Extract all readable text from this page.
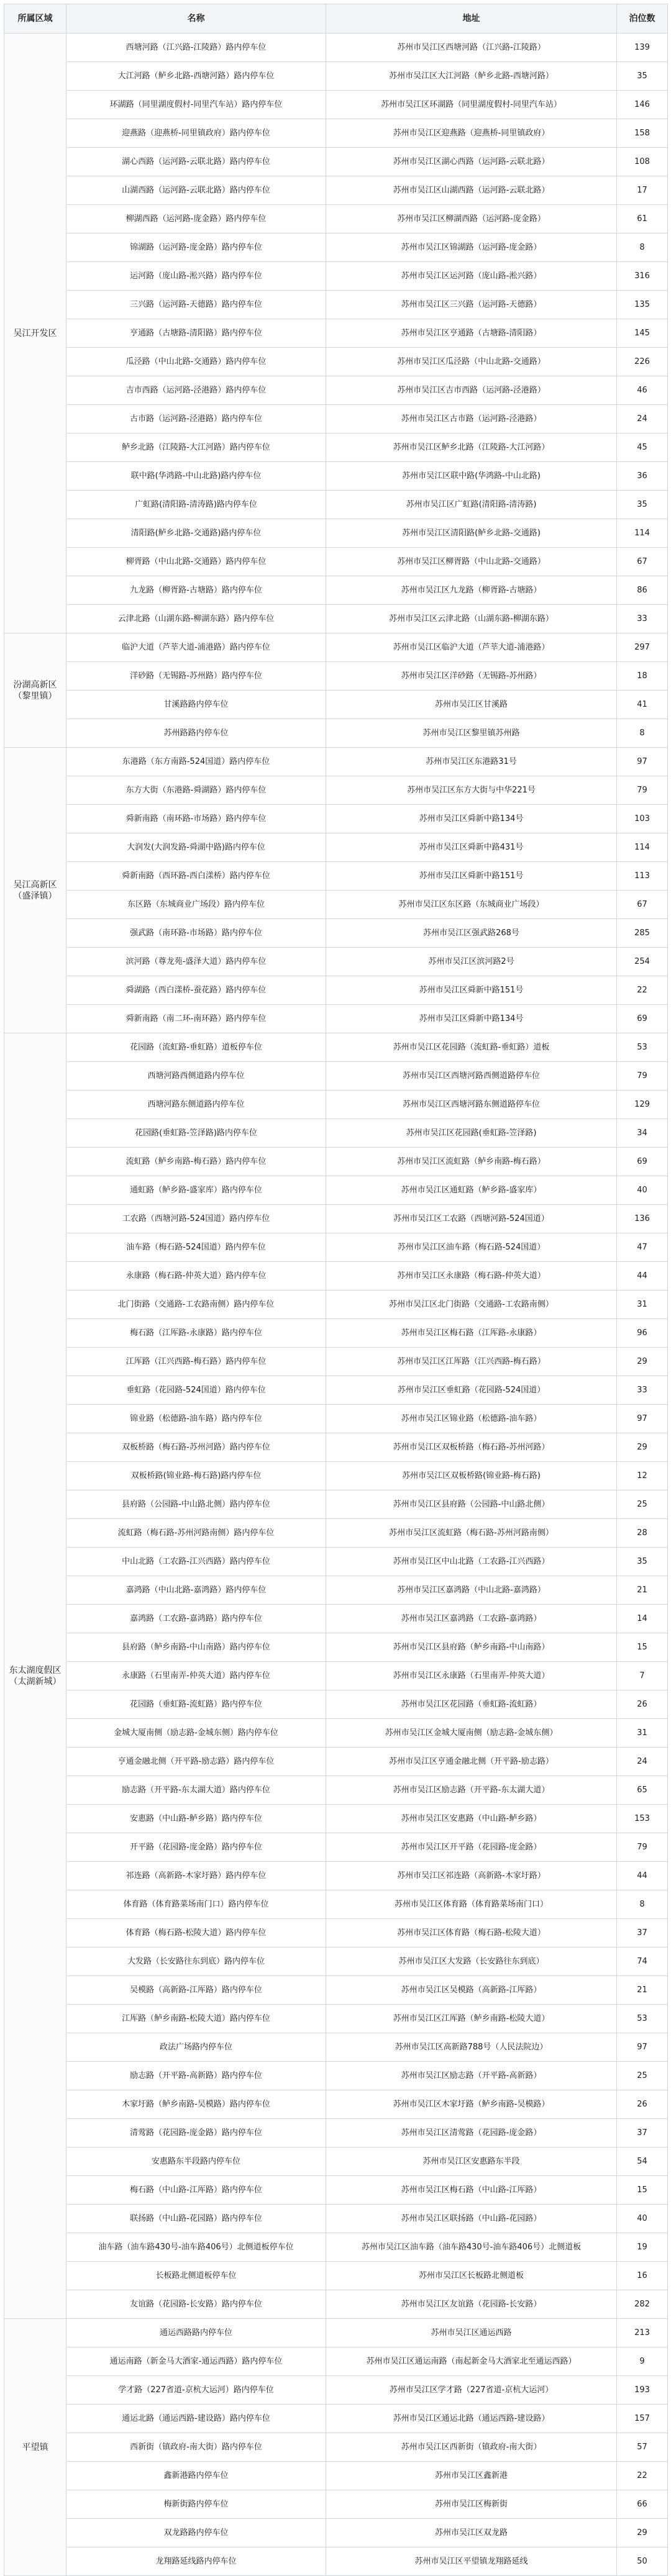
所属区域	名称	地址	泊位数
吴江开发区	西塘河路（江兴路-江陵路）路内停车位	苏州市吴江区西塘河路（江兴路-江陵路）	139
	大江河路（鲈乡北路-西塘河路）路内停车位	苏州市吴江区大江河路（鲈乡北路-西塘河路）	35
	环湖路（同里湖度假村-同里汽车站）路内停车位	苏州市吴江区环湖路（同里湖度假村-同里汽车站）	146
	迎燕路（迎燕桥-同里镇政府）路内停车位	苏州市吴江区迎燕路（迎燕桥-同里镇政府）	158
	湖心西路（运河路-云联北路）路内停车位	苏州市吴江区湖心西路（运河路-云联北路）	108
	山湖西路（运河路-云联北路）路内停车位	苏州市吴江区山湖西路（运河路-云联北路）	17
	柳湖西路（运河路-庞金路）路内停车位	苏州市吴江区柳湖西路（运河路-庞金路）	61
	锦湖路（运河路-庞金路）路内停车位	苏州市吴江区锦湖路（运河路-庞金路）	8
	运河路（庞山路-淞兴路）路内停车位	苏州市吴江区运河路（庞山路-淞兴路）	316
	三兴路（运河路-天德路）路内停车位	苏州市吴江区三兴路（运河路-天德路）	135
	亨通路（古塘路-清阳路）路内停车位	苏州市吴江区亨通路（古塘路-清阳路）	145
	瓜泾路（中山北路-交通路）路内停车位	苏州市吴江区瓜泾路（中山北路-交通路）	226
	吉市西路（运河路-泾港路）路内停车位	苏州市吴江区吉市西路（运河路-泾港路）	46
	古市路（运河路-泾港路）路内停车位	苏州市吴江区古市路（运河路-泾港路）	24
	鲈乡北路（江陵路-大江河路）路内停车位	苏州市吴江区鲈乡北路（江陵路-大江河路）	45
	联中路(华鸿路-中山北路)路内停车位	苏州市吴江区联中路(华鸿路-中山北路)	36
	广虹路(清阳路-清涛路)路内停车位	苏州市吴江区广虹路(清阳路-清涛路)	35
	清阳路(鲈乡北路-交通路)路内停车位	苏州市吴江区清阳路(鲈乡北路-交通路)	114
	柳胥路（中山北路-交通路）路内停车位	苏州市吴江区柳胥路（中山北路-交通路）	67
	九龙路（柳胥路-古塘路）路内停车位	苏州市吴江区九龙路（柳胥路-古塘路）	86
	云津北路（山湖东路-柳湖东路）路内停车位	苏州市吴江区云津北路（山湖东路-柳湖东路）	33
汾湖高新区（黎里镇）	临沪大道（芦莘大道-浦港路）路内停车位	苏州市吴江区临沪大道（芦莘大道-浦港路）	297
	洋砂路（无锡路-苏州路）路内停车位	苏州市吴江区洋砂路（无锡路-苏州路）	18
	甘溪路路内停车位	苏州市吴江区甘溪路	41
	苏州路路内停车位	苏州市吴江区黎里镇苏州路	8
吴江高新区（盛泽镇）	东港路（东方南路-524国道）路内停车位	苏州市吴江区东港路31号	97
	东方大街（东港路-舜湖路）路内停车位	苏州市吴江区东方大街与中华221号	79
	舜新南路（南环路-市场路）路内停车位	苏州市吴江区舜新中路134号	103
	大润发(大润发路-舜湖中路)路内停车位	苏州市吴江区舜新中路431号	114
	舜新南路（西环路-西白漾桥）路内停车位	苏州市吴江区舜新中路151号	113
	东区路（东城商业广场段）路内停车位	苏州市吴江区东区路（东城商业广场段）	67
	强武路（南环路-市场路）路内停车位	苏州市吴江区强武路268号	285
	滨河路（尊龙苑-盛泽大道）路内停车位	苏州市吴江区滨河路2号	254
	舜湖路（西白漾桥-蚕花路）路内停车位	苏州市吴江区舜新中路151号	22
	舜新南路（南二环-南环路）路内停车位	苏州市吴江区舜新中路134号	69
东太湖度假区（太湖新城）	花园路（流虹路-垂虹路）道板停车位	苏州市吴江区花园路（流虹路-垂虹路）道板	53
	西塘河路西侧道路内停车位	苏州市吴江区西塘河路西侧道路停车位	79
	西塘河路东侧道路内停车位	苏州市吴江区西塘河路东侧道路停车位	129
	花园路(垂虹路-笠泽路)路内停车位	苏州市吴江区花园路(垂虹路-笠泽路)	34
	流虹路（鲈乡南路-梅石路）路内停车位	苏州市吴江区流虹路（鲈乡南路-梅石路）	69
	通虹路（鲈乡路-盛家库）路内停车位	苏州市吴江区通虹路（鲈乡路-盛家库）	40
	工农路（西塘河路-524国道）路内停车位	苏州市吴江区工农路（西塘河路-524国道）	136
	油车路（梅石路-524国道）路内停车位	苏州市吴江区油车路（梅石路-524国道）	47
	永康路（梅石路-仲英大道）路内停车位	苏州市吴江区永康路（梅石路-仲英大道）	44
	北门街路（交通路-工农路南侧）路内停车位	苏州市吴江区北门街路（交通路-工农路南侧）	31
	梅石路（江厍路-永康路）路内停车位	苏州市吴江区梅石路（江厍路-永康路）	96
	江厍路（江兴西路-梅石路）路内停车位	苏州市吴江区江厍路（江兴西路-梅石路）	29
	垂虹路（花园路-524国道）路内停车位	苏州市吴江区垂虹路（花园路-524国道）	33
	锦业路（松德路-油车路）路内停车位	苏州市吴江区锦业路（松德路-油车路）	97
	双板桥路（梅石路-苏州河路）路内停车位	苏州市吴江区双板桥路（梅石路-苏州河路）	29
	双板桥路(锦业路-梅石路)路内停车位	苏州市吴江区双板桥路(锦业路-梅石路)	12
	县府路（公园路-中山路北侧）路内停车位	苏州市吴江区县府路（公园路-中山路北侧）	25
	流虹路（梅石路-苏州河路南侧）路内停车位	苏州市吴江区流虹路（梅石路-苏州河路南侧）	28
	中山北路（工农路-江兴西路）路内停车位	苏州市吴江区中山北路（工农路-江兴西路）	35
	嘉鸿路（中山北路-嘉鸿路）路内停车位	苏州市吴江区嘉鸿路（中山北路-嘉鸿路）	21
	嘉鸿路（工农路-嘉鸿路）路内停车位	苏州市吴江区嘉鸿路（工农路-嘉鸿路）	14
	县府路（鲈乡南路-中山南路）路内停车位	苏州市吴江区县府路（鲈乡南路-中山南路）	15
	永康路（石里南弄-仲英大道）路内停车位	苏州市吴江区永康路（石里南弄-仲英大道）	7
	花园路（垂虹路-流虹路）路内停车位	苏州市吴江区花园路（垂虹路-流虹路）	26
	金城大厦南侧（励志路-金城东侧）路内停车位	苏州市吴江区金城大厦南侧（励志路-金城东侧）	31
	亨通金融北侧（开平路-励志路）路内停车位	苏州市吴江区亨通金融北侧（开平路-励志路）	24
	励志路（开平路-东太湖大道）路内停车位	苏州市吴江区励志路（开平路-东太湖大道）	65
	安惠路（中山路-鲈乡路）路内停车位	苏州市吴江区安惠路（中山路-鲈乡路）	153
	开平路（花园路-庞金路）路内停车位	苏州市吴江区开平路（花园路-庞金路）	79
	祁连路（高新路-木家圩路）路内停车位	苏州市吴江区祁连路（高新路-木家圩路）	44
	体育路（体育路菜场南门口）路内停车位	苏州市吴江区体育路（体育路菜场南门口）	8
	体育路（梅石路-松陵大道）路内停车位	苏州市吴江区体育路（梅石路-松陵大道）	37
	大发路（长安路往东到底）路内停车位	苏州市吴江区大发路（长安路往东到底）	74
	吴模路（高新路-江厍路）路内停车位	苏州市吴江区吴模路（高新路-江厍路）	21
	江厍路（鲈乡南路-松陵大道）路内停车位	苏州市吴江区江厍路（鲈乡南路-松陵大道）	53
	政法广场路内停车位	苏州市吴江区高新路788号（人民法院边）	97
	励志路（开平路-高新路）路内停车位	苏州市吴江区励志路（开平路-高新路）	25
	木家圩路（鲈乡南路-吴模路）路内停车位	苏州市吴江区木家圩路（鲈乡南路-吴模路）	26
	清莺路（花园路-庞金路）路内停车位	苏州市吴江区清莺路（花园路-庞金路）	37
	安惠路东半段路内停车位	苏州市吴江区安惠路东半段	54
	梅石路（中山路-江厍路）路内停车位	苏州市吴江区梅石路（中山路-江厍路）	15
	联扬路（中山路-花园路）路内停车位	苏州市吴江区联扬路（中山路-花园路）	40
	油车路（油车路430号-油车路406号）北侧道板停车位	苏州市吴江区油车路（油车路430号-油车路406号）北侧道板	19
	长板路北侧道板停车位	苏州市吴江区长板路北侧道板	16
	友谊路（花园路-长安路）路内停车位	苏州市吴江区友谊路（花园路-长安路）	282
平望镇	通运西路路内停车位	苏州市吴江区通运西路	213
	通运南路（新金马大酒家-通运西路）路内停车位	苏州市吴江区通运南路（南起新金马大酒家北至通运西路）	9
	学才路（227省道-京杭大运河）路内停车位	苏州市吴江区学才路（227省道-京杭大运河）	193
	通运北路（通运西路-建设路）路内停车位	苏州市吴江区通运北路（通运西路-建设路）	157
	西新街（镇政府-南大街）路内停车位	苏州市吴江区西新街（镇政府-南大街）	57
	鑫新港路内停车位	苏州市吴江区鑫新港	22
	梅新街路内停车位	苏州市吴江区梅新街	66
	双龙路路内停车位	苏州市吴江区双龙路	29
	龙翔路延线路内停车位	苏州市吴江区平望镇龙翔路延线	50
